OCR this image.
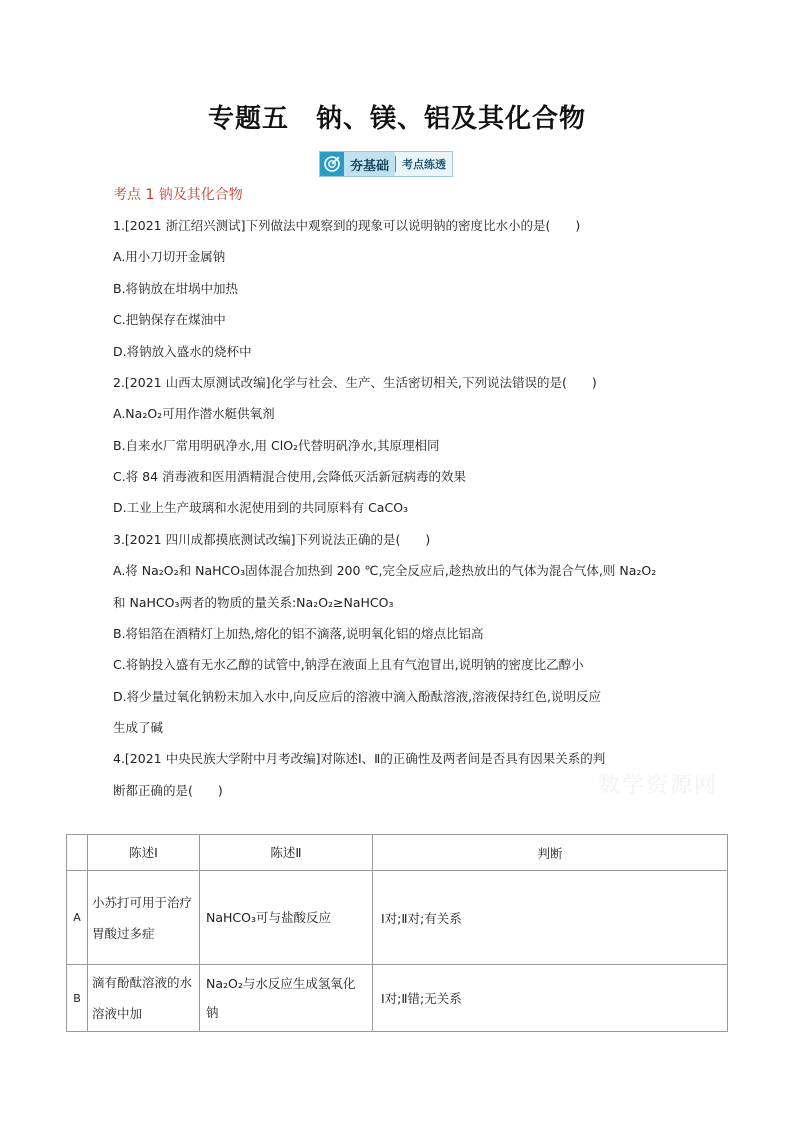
专题五　钠、镁、铝及其化合物
夯基础	考点练透
考点 1 钠及其化合物
1.[2021 浙江绍兴测试]下列做法中观察到的现象可以说明钠的密度比水小的是(　　)
A.用小刀切开金属钠
B.将钠放在坩埚中加热
C.把钠保存在煤油中
D.将钠放入盛水的烧杯中
2.[2021 山西太原测试改编]化学与社会、生产、生活密切相关,下列说法错误的是(　　)
A.Na₂O₂可用作潜水艇供氧剂
B.自来水厂常用明矾净水,用 ClO₂代替明矾净水,其原理相同
C.将 84 消毒液和医用酒精混合使用,会降低灭活新冠病毒的效果
D.工业上生产玻璃和水泥使用到的共同原料有 CaCO₃
3.[2021 四川成都摸底测试改编]下列说法正确的是(　　)
A.将 Na₂O₂和 NaHCO₃固体混合加热到 200 ℃,完全反应后,趁热放出的气体为混合气体,则 Na₂O₂
和 NaHCO₃两者的物质的量关系:Na₂O₂≥NaHCO₃
B.将铝箔在酒精灯上加热,熔化的铝不滴落,说明氧化铝的熔点比铝高
C.将钠投入盛有无水乙醇的试管中,钠浮在液面上且有气泡冒出,说明钠的密度比乙醇小
D.将少量过氧化钠粉末加入水中,向反应后的溶液中滴入酚酞溶液,溶液保持红色,说明反应
生成了碱
4.[2021 中央民族大学附中月考改编]对陈述Ⅰ、Ⅱ的正确性及两者间是否具有因果关系的判
断都正确的是(　　)	数学资源网
	陈述Ⅰ	陈述Ⅱ	判断
A	小苏打可用于治疗胃酸过多症	NaHCO₃可与盐酸反应	Ⅰ对;Ⅱ对;有关系
B	滴有酚酞溶液的水溶液中加	Na₂O₂与水反应生成氢氧化钠	Ⅰ对;Ⅱ错;无关系
